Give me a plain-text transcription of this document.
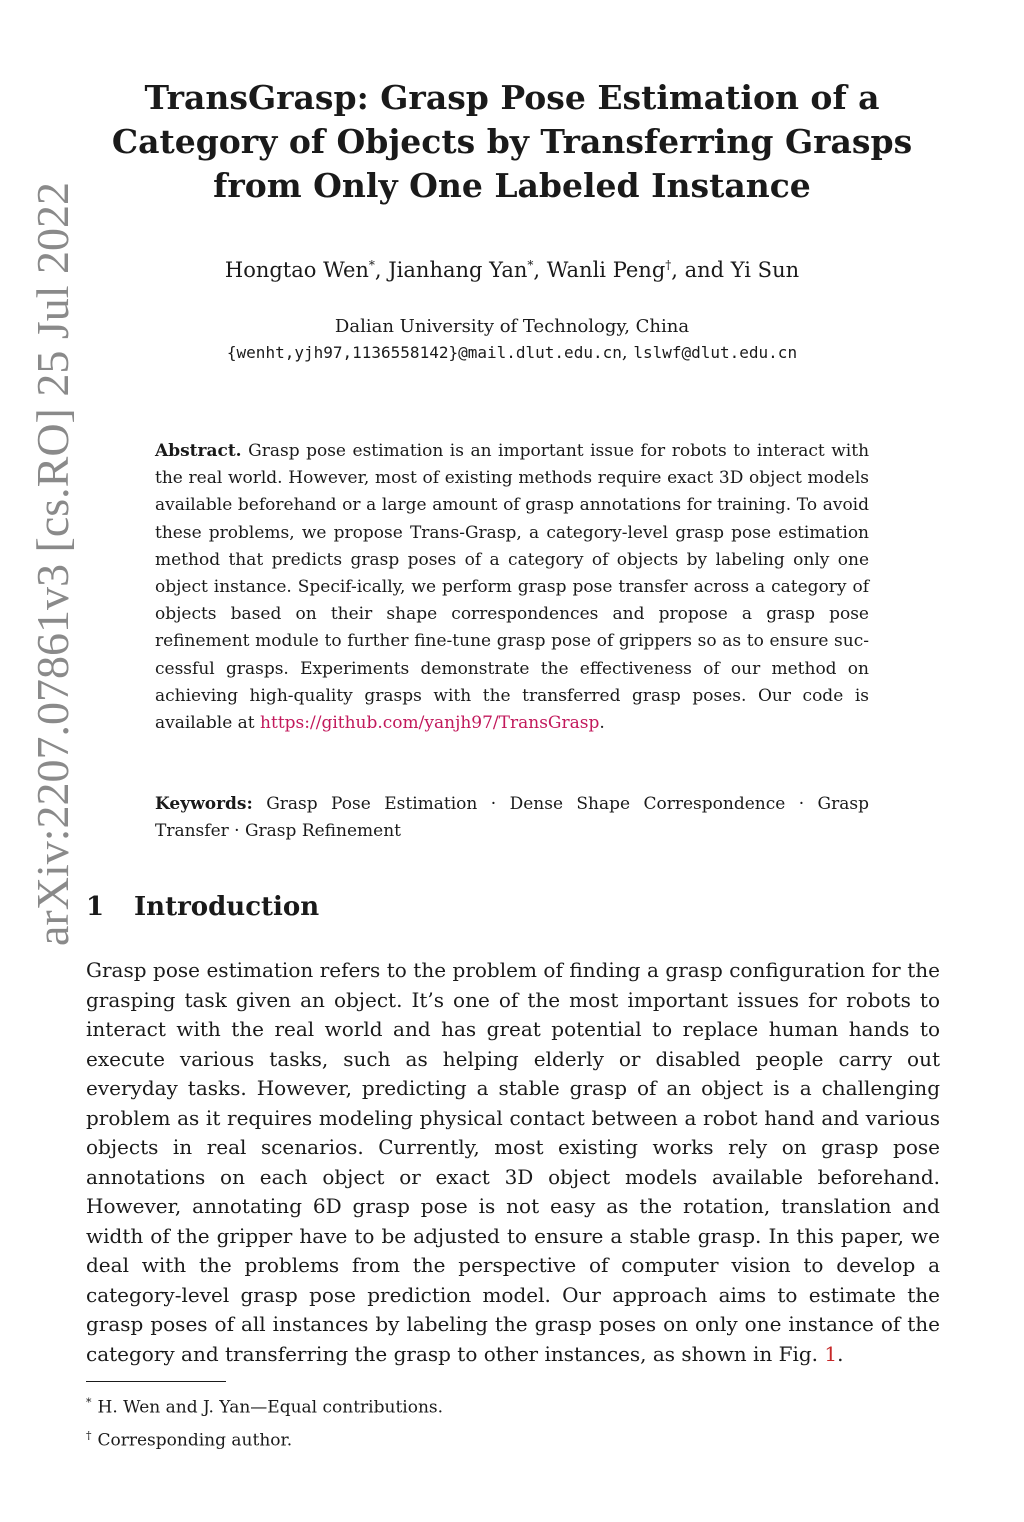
arXiv:2207.07861v3 [cs.RO] 25 Jul 2022
TransGrasp: Grasp Pose Estimation of a
Category of Objects by Transferring Grasps
from Only One Labeled Instance
Hongtao Wen*, Jianhang Yan*, Wanli Peng†, and Yi Sun
Dalian University of Technology, China
{wenht,yjh97,1136558142}@mail.dlut.edu.cn, lslwf@dlut.edu.cn

Abstract. Grasp pose estimation is an important issue for robots to interact with the real world. However, most of existing methods require exact 3D object models available beforehand or a large amount of grasp annotations for training. To avoid these problems, we propose Trans-Grasp, a category-level grasp pose estimation method that predicts grasp poses of a category of objects by labeling only one object instance. Specif-ically, we perform grasp pose transfer across a category of objects based on their shape correspondences and propose a grasp pose refinement module to further fine-tune grasp pose of grippers so as to ensure suc-cessful grasps. Experiments demonstrate the effectiveness of our method on achieving high-quality grasps with the transferred grasp poses. Our code is available at https://github.com/yanjh97/TransGrasp.

Keywords: Grasp Pose Estimation · Dense Shape Correspondence · Grasp Transfer · Grasp Refinement

1 Introduction

Grasp pose estimation refers to the problem of finding a grasp configuration for the grasping task given an object. It’s one of the most important issues for robots to interact with the real world and has great potential to replace human hands to execute various tasks, such as helping elderly or disabled people carry out everyday tasks. However, predicting a stable grasp of an object is a challenging problem as it requires modeling physical contact between a robot hand and various objects in real scenarios. Currently, most existing works rely on grasp pose annotations on each object or exact 3D object models available beforehand. However, annotating 6D grasp pose is not easy as the rotation, translation and width of the gripper have to be adjusted to ensure a stable grasp. In this paper, we deal with the problems from the perspective of computer vision to develop a category-level grasp pose prediction model. Our approach aims to estimate the grasp poses of all instances by labeling the grasp poses on only one instance of the category and transferring the grasp to other instances, as shown in Fig. 1.

* H. Wen and J. Yan—Equal contributions.
† Corresponding author.
